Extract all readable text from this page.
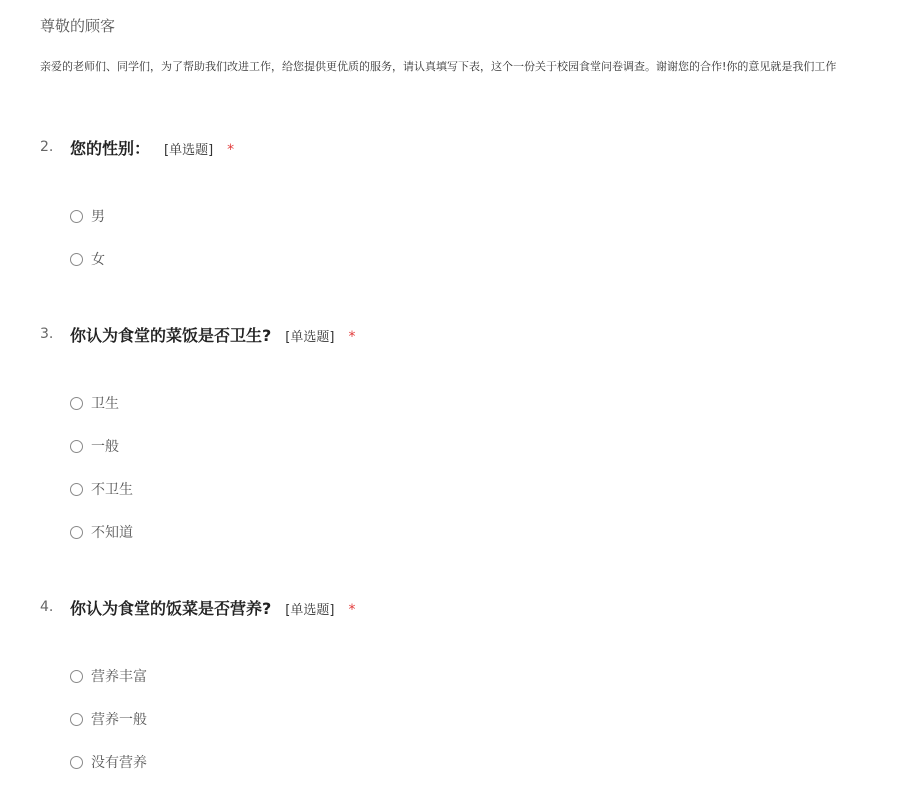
尊敬的顾客
亲爱的老师们、同学们，为了帮助我们改进工作，给您提供更优质的服务，请认真填写下表，这个一份关于校园食堂问卷调查。谢谢您的合作!你的意见就是我们工作
2. 您的性别： [单选题] *
男
女
3. 你认为食堂的菜饭是否卫生? [单选题] *
卫生
一般
不卫生
不知道
4. 你认为食堂的饭菜是否营养? [单选题] *
营养丰富
营养一般
没有营养
